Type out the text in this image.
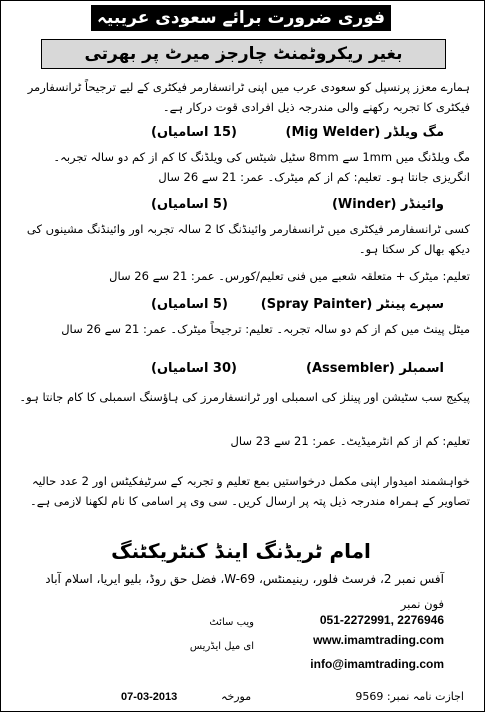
فوری ضرورت برائے سعودی عریبیہ
بغیر ریکروٹمنٹ چارجز میرٹ پر بھرتی
ہمارے معزز پرنسپل کو سعودی عرب میں اپنی ٹرانسفارمر فیکٹری کے لیے ترجیحاً ٹرانسفارمر فیکٹری کا تجربہ رکھنے والی مندرجہ ذیل افرادی قوت درکار ہے۔
مگ ویلڈر (Mig Welder)
(15 اسامیاں)
مگ ویلڈنگ میں 1mm سے 8mm سٹیل شیٹس کی ویلڈنگ کا کم از کم دو سالہ تجربہ۔ انگریزی جانتا ہو۔ تعلیم: کم از کم میٹرک۔ عمر: 21 سے 26 سال
وائینڈر (Winder)
(5 اسامیاں)
کسی ٹرانسفارمر فیکٹری میں ٹرانسفارمر وائینڈنگ کا 2 سالہ تجربہ اور وائینڈنگ مشینوں کی دیکھ بھال کر سکتا ہو۔
تعلیم: میٹرک + متعلقہ شعبے میں فنی تعلیم/کورس۔ عمر: 21 سے 26 سال
سپرے پینٹر (Spray Painter)
(5 اسامیاں)
میٹل پینٹ میں کم از کم دو سالہ تجربہ۔ تعلیم: ترجیحاً میٹرک۔ عمر: 21 سے 26 سال
اسمبلر (Assembler)
(30 اسامیاں)
پیکیج سب سٹیشن اور پینلز کی اسمبلی اور ٹرانسفارمرز کی ہاؤسنگ اسمبلی کا کام جانتا ہو۔
تعلیم: کم از کم انٹرمیڈیٹ۔ عمر: 21 سے 23 سال
خواہشمند امیدوار اپنی مکمل درخواستیں بمع تعلیم و تجربہ کے سرٹیفکیٹس اور 2 عدد حالیہ تصاویر کے ہمراہ مندرجہ ذیل پتہ پر ارسال کریں۔ سی وی پر اسامی کا نام لکھنا لازمی ہے۔
امام ٹریڈنگ اینڈ کنٹریکٹنگ
آفس نمبر 2، فرسٹ فلور، رینیمنٹس، W-69، فضل حق روڈ، بلیو ایریا، اسلام آباد
فون نمبر
051-2272991, 2276946
ویب سائٹ
www.imamtrading.com
ای میل ایڈریس
info@imamtrading.com
اجازت نامہ نمبر: 9569
مورخہ
07-03-2013
